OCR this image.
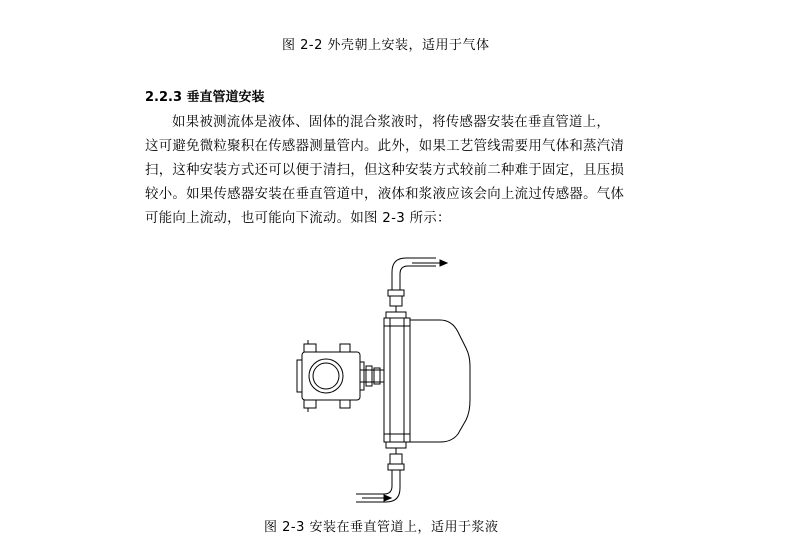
图 2-2 外壳朝上安装，适用于气体
2.2.3 垂直管道安装
如果被测流体是液体、固体的混合浆液时，将传感器安装在垂直管道上，
这可避免微粒聚积在传感器测量管内。此外，如果工艺管线需要用气体和蒸汽清
扫，这种安装方式还可以便于清扫，但这种安装方式较前二种难于固定，且压损
较小。如果传感器安装在垂直管道中，液体和浆液应该会向上流过传感器。气体
可能向上流动，也可能向下流动。如图 2-3 所示：
图 2-3 安装在垂直管道上，适用于浆液
